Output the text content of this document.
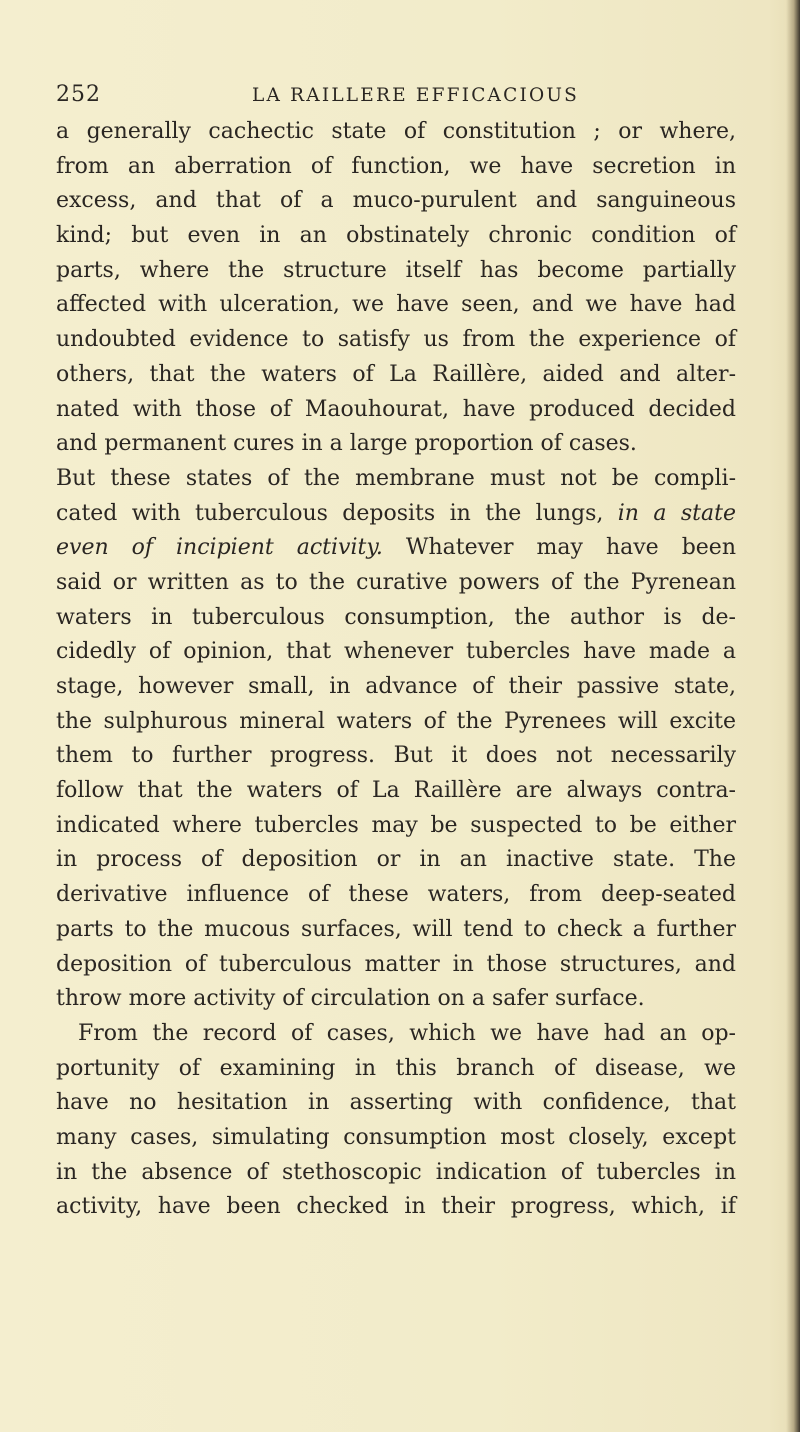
252	LA RAILLERE EFFICACIOUS
a generally cachectic state of constitution ; or where,
from an aberration of function, we have secretion in
excess, and that of a muco-purulent and sanguineous
kind; but even in an obstinately chronic condition of
parts, where the structure itself has become partially
affected with ulceration, we have seen, and we have had
undoubted evidence to satisfy us from the experience of
others, that the waters of La Raillère, aided and alter-
nated with those of Maouhourat, have produced decided
and permanent cures in a large proportion of cases.
But these states of the membrane must not be compli-
cated with tuberculous deposits in the lungs, in a state
even of incipient activity. Whatever may have been
said or written as to the curative powers of the Pyrenean
waters in tuberculous consumption, the author is de-
cidedly of opinion, that whenever tubercles have made a
stage, however small, in advance of their passive state,
the sulphurous mineral waters of the Pyrenees will excite
them to further progress. But it does not necessarily
follow that the waters of La Raillère are always contra-
indicated where tubercles may be suspected to be either
in process of deposition or in an inactive state. The
derivative influence of these waters, from deep-seated
parts to the mucous surfaces, will tend to check a further
deposition of tuberculous matter in those structures, and
throw more activity of circulation on a safer surface.
From the record of cases, which we have had an op-
portunity of examining in this branch of disease, we
have no hesitation in asserting with confidence, that
many cases, simulating consumption most closely, except
in the absence of stethoscopic indication of tubercles in
activity, have been checked in their progress, which, if
